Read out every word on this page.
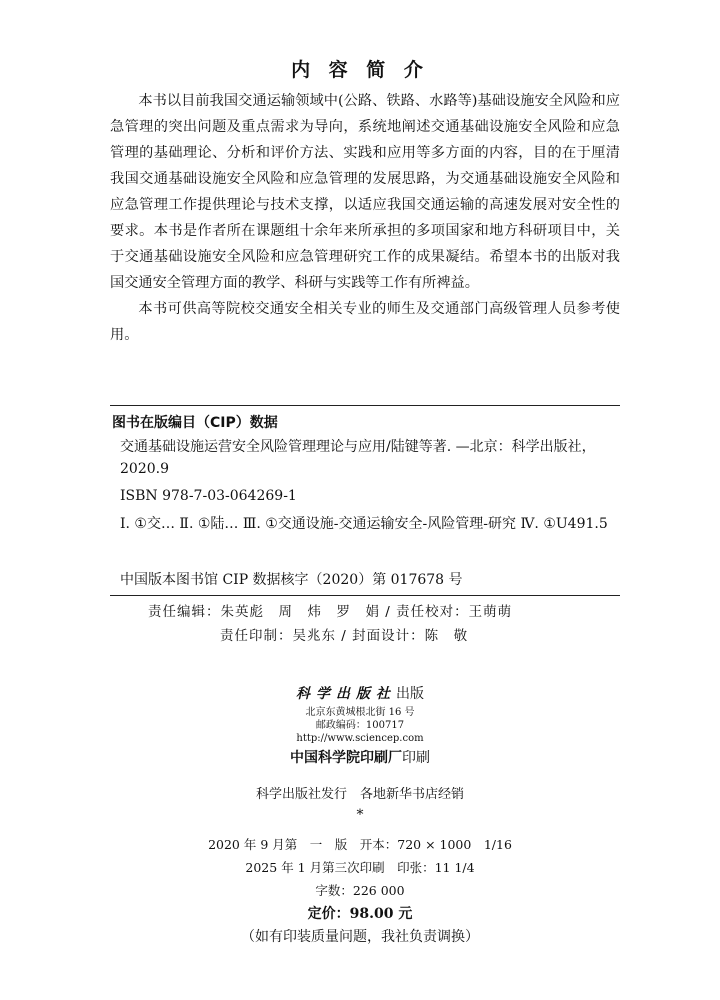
内 容 简 介

本书以目前我国交通运输领域中(公路、铁路、水路等)基础设施安全风险和应急管理的突出问题及重点需求为导向，系统地阐述交通基础设施安全风险和应急管理的基础理论、分析和评价方法、实践和应用等多方面的内容，目的在于厘清我国交通基础设施安全风险和应急管理的发展思路，为交通基础设施安全风险和应急管理工作提供理论与技术支撑，以适应我国交通运输的高速发展对安全性的要求。本书是作者所在课题组十余年来所承担的多项国家和地方科研项目中，关于交通基础设施安全风险和应急管理研究工作的成果凝结。希望本书的出版对我国交通安全管理方面的教学、科研与实践等工作有所裨益。

本书可供高等院校交通安全相关专业的师生及交通部门高级管理人员参考使用。

图书在版编目（CIP）数据
交通基础设施运营安全风险管理理论与应用/陆键等著. —北京：科学出版社，2020.9
ISBN 978-7-03-064269-1
Ⅰ. ①交… Ⅱ. ①陆… Ⅲ. ①交通设施-交通运输安全-风险管理-研究 Ⅳ. ①U491.5
中国版本图书馆 CIP 数据核字（2020）第 017678 号
责任编辑：朱英彪　周　炜　罗　娟 / 责任校对：王萌萌
责任印制：吴兆东 / 封面设计：陈　敬
科学出版社出版
北京东黄城根北街 16 号
邮政编码：100717
http://www.sciencep.com
中国科学院印刷厂印刷
科学出版社发行　各地新华书店经销
*
2020 年 9 月第　一　版　开本：720 × 1000　1/16
2025 年 1 月第三次印刷　印张：11 1/4
字数：226 000
定价：98.00 元
（如有印装质量问题，我社负责调换）
